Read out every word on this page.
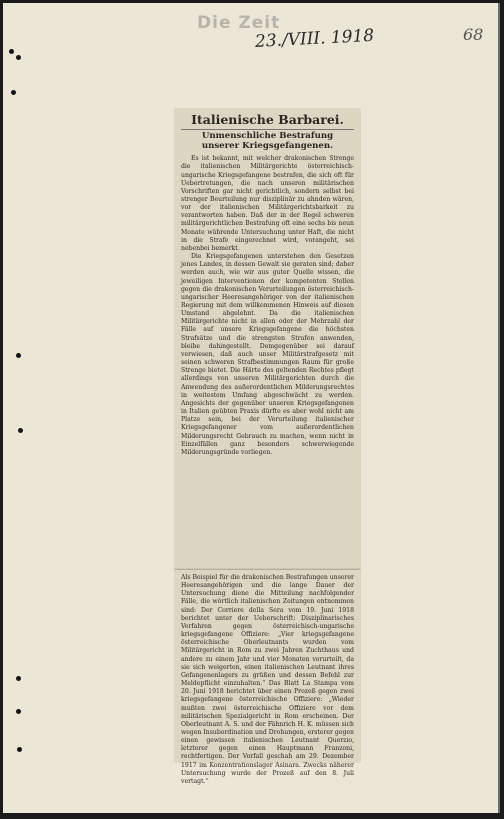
Die Zeit
23./VIII. 1918	68
Italienische Barbarei.
Unmenschliche Bestrafung unserer Kriegsgefangenen.

Es ist bekannt, mit welcher drakonischen Strenge die italienischen Militärgerichte österreichisch-ungarische Kriegsgefangene bestrafen, die sich oft für Uebertretungen, die nach unseren militärischen Vorschriften gar nicht gerichtlich, sondern selbst bei strenger Beurteilung nur disziplinär zu ahnden wären, vor der italienischen Militärgerichtsbarkeit zu verantworten haben. Daß der in der Regel schweren militärgerichtlichen Bestrafung oft eine sechs bis neun Monate währende Untersuchung unter Haft, die nicht in die Strafe eingerechnet wird, vorangeht, sei nebenbei bemerkt.

Die Kriegsgefangenen unterstehen den Gesetzen jenes Landes, in dessen Gewalt sie geraten sind; daher werden auch, wie wir aus guter Quelle wissen, die jeweiligen Interventionen der kompetenten Stellen gegen die drakonischen Verurteilungen österreichisch-ungarischer Heeresangehöriger von der italienischen Regierung mit dem willkommenen Hinweis auf diesen Umstand abgelehnt. Da die italienischen Militärgerichte nicht in allen oder der Mehrzahl der Fälle auf unsere Kriegsgefangene die höchsten Strafsätze und die strengsten Strafen anwenden, bleibe dahingestellt. Demgegenüber sei darauf verwiesen, daß auch unser Militärstrafgesetz mit seinen schweren Strafbestimmungen Raum für große Strenge bietet. Die Härte des geltenden Rechtes pflegt allerdings von unseren Militärgerichten durch die Anwendung des außerordentlichen Milderungsrechtes in weitestem Umfang abgeschwächt zu werden. Angesichts der gegenüber unseren Kriegsgefangenen in Italien geübten Praxis dürfte es aber wohl nicht am Platze sein, bei der Verurteilung italienischer Kriegsgefangener vom außerordentlichen Milderungsrecht Gebrauch zu machen, wenn nicht in Einzelfällen ganz besonders schwerwiegende Milderungsgründe vorliegen.

Als Beispiel für die drakonischen Bestrafungen unserer Heeresangehörigen und die lange Dauer der Untersuchung diene die Mitteilung nachfolgender Fälle, die wörtlich italienischen Zeitungen entnommen sind: Der Corriere della Sera vom 19. Juni 1918 berichtet unter der Ueberschrift: Disziplinarisches Verfahren gegen österreichisch-ungarische kriegsgefangene Offiziere: „Vier kriegsgefangene österreichische Oberleutnants wurden vom Militärgericht in Rom zu zwei Jahren Zuchthaus und andere zu einem Jahr und vier Monaten verurteilt, da sie sich weigerten, einen italienischen Leutnant ihres Gefangenenlagers zu grüßen und dessen Befehl zur Meldepflicht einzuhalten.“ Das Blatt La Stampa vom 20. Juni 1918 berichtet über einen Prozeß gegen zwei kriegsgefangene österreichische Offiziere: „Wieder mußten zwei österreichische Offiziere vor dem militärischen Spezialgericht in Rom erscheinen. Der Oberleutnant A. S. und der Fähnrich H. K. müssen sich wegen Insubordination und Drohungen, ersterer gegen einen gewissen italienischen Leutnant Querzio, letzterer gegen einen Hauptmann Franzoni, rechtfertigen. Der Vorfall geschah am 29. Dezember 1917 im Konzentrationslager Asinara. Zwecks näherer Untersuchung wurde der Prozeß auf den 8. Juli vertagt.“
